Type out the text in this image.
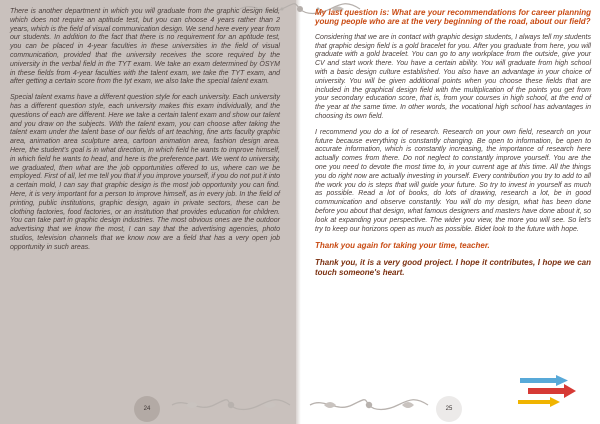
There is another department in which you will graduate from the graphic design field, which does not require an aptitude test, but you can choose 4 years rather than 2 years, which is the field of visual communication design. We send here every year from our students. In addition to the fact that there is no requirement for an aptitude test, you can be placed in 4-year faculties in these universities in the field of visual communication, provided that the university receives the score required by the university in the verbal field in the TYT exam. We take an exam determined by ÖSYM in these fields from 4-year faculties with the talent exam, we take the TYT exam, and after getting a certain score from the tyt exam, we also take the special talent exam.

Special talent exams have a different question style for each university. Each university has a different question style, each university makes this exam individually, and the questions of each are different. Here we take a certain talent exam and show our talent and you draw on the subjects. With the talent exam, you can choose after taking the talent exam under the talent base of our fields of art teaching, fine arts faculty graphic area, animation area sculpture area, cartoon animation area, fashion design area. Here, the student's goal is in what direction, in which field he wants to improve himself, in which field he wants to head, and here is the preference part. We went to university, we graduated, then what are the job opportunities offered to us, where can we be employed. First of all, let me tell you that if you improve yourself, if you do not put it into a certain mold, I can say that graphic design is the most job opportunity you can find. Here, it is very important for a person to improve himself, as in every job. In the field of printing, public institutions, graphic design, again in private sectors, these can be clothing factories, food factories, or an institution that provides education for children. You can take part in graphic design industries. The most obvious ones are the outdoor advertising that we know the most, I can say that the advertising agencies, photo studios, television channels that we know now are a field that has a very open job opportunity in such areas.

My last question is: What are your recommendations for career planning young people who are at the very beginning of the road, about our field?

Considering that we are in contact with graphic design students, I always tell my students that graphic design field is a gold bracelet for you. After you graduate from here, you will graduate with a gold bracelet. You can go to any workplace from the outside, give your CV and start work there. You have a certain ability. You will graduate from high school with a basic design culture established. You also have an advantage in your choice of university. You will be given additional points when you choose these fields that are included in the graphical design field with the multiplication of the points you get from your secondary education score, that is, from your courses in high school, at the end of the year at the same time. In other words, the vocational high school has advantages in choosing its own field.

I recommend you do a lot of research. Research on your own field, research on your future because everything is constantly changing. Be open to information, be open to accurate information, which is constantly increasing, the importance of research here actually comes from there. Do not neglect to constantly improve yourself. You are the one you need to devote the most time to, in your current age at this time. All the things you do right now are actually investing in yourself. Every contribution you try to add to all the work you do is steps that will guide your future. So try to invest in yourself as much as possible. Read a lot of books, do lots of drawing, research a lot, be in good communication and observe constantly. You will do my design, what has been done before you about that design, what famous designers and masters have done about it, so look at expanding your perspective. The wider you view, the more you will see. So let's try to keep our horizons open as much as possible. Bidet look to the future with hope.

Thank you again for taking your time, teacher.

Thank you, it is a very good project. I hope it contributes, I hope we can touch someone's heart.

24	25
